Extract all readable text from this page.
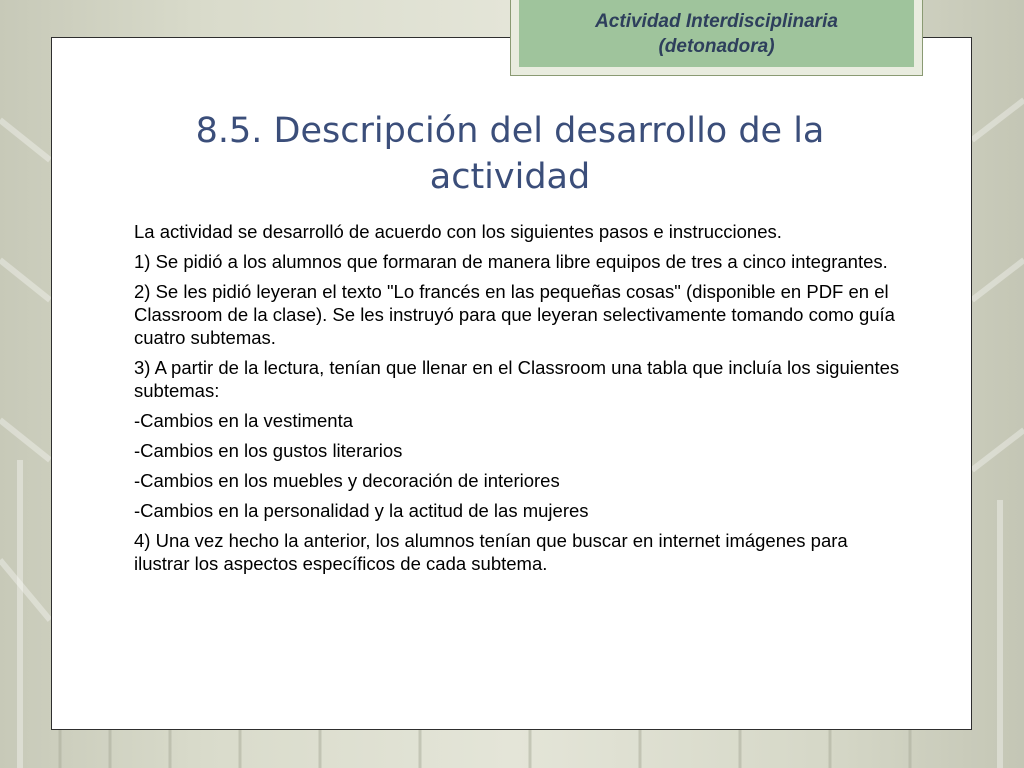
Actividad Interdisciplinaria
(detonadora)
8.5. Descripción del desarrollo de la
actividad

La actividad se desarrolló de acuerdo con los siguientes pasos e instrucciones.

1) Se pidió a los alumnos que formaran de manera libre equipos de tres a cinco integrantes.

2) Se les pidió leyeran el texto "Lo francés en las pequeñas cosas" (disponible en PDF en el Classroom de la clase). Se les instruyó para que leyeran selectivamente tomando como guía cuatro subtemas.

3) A partir de la lectura, tenían que llenar en el Classroom una tabla que incluía los siguientes subtemas:

-Cambios en la vestimenta

-Cambios en los gustos literarios

-Cambios en los muebles y decoración de interiores

-Cambios en la personalidad y la actitud de las mujeres

4) Una vez hecho la anterior, los alumnos tenían que buscar en internet imágenes para ilustrar los aspectos específicos de cada subtema.
